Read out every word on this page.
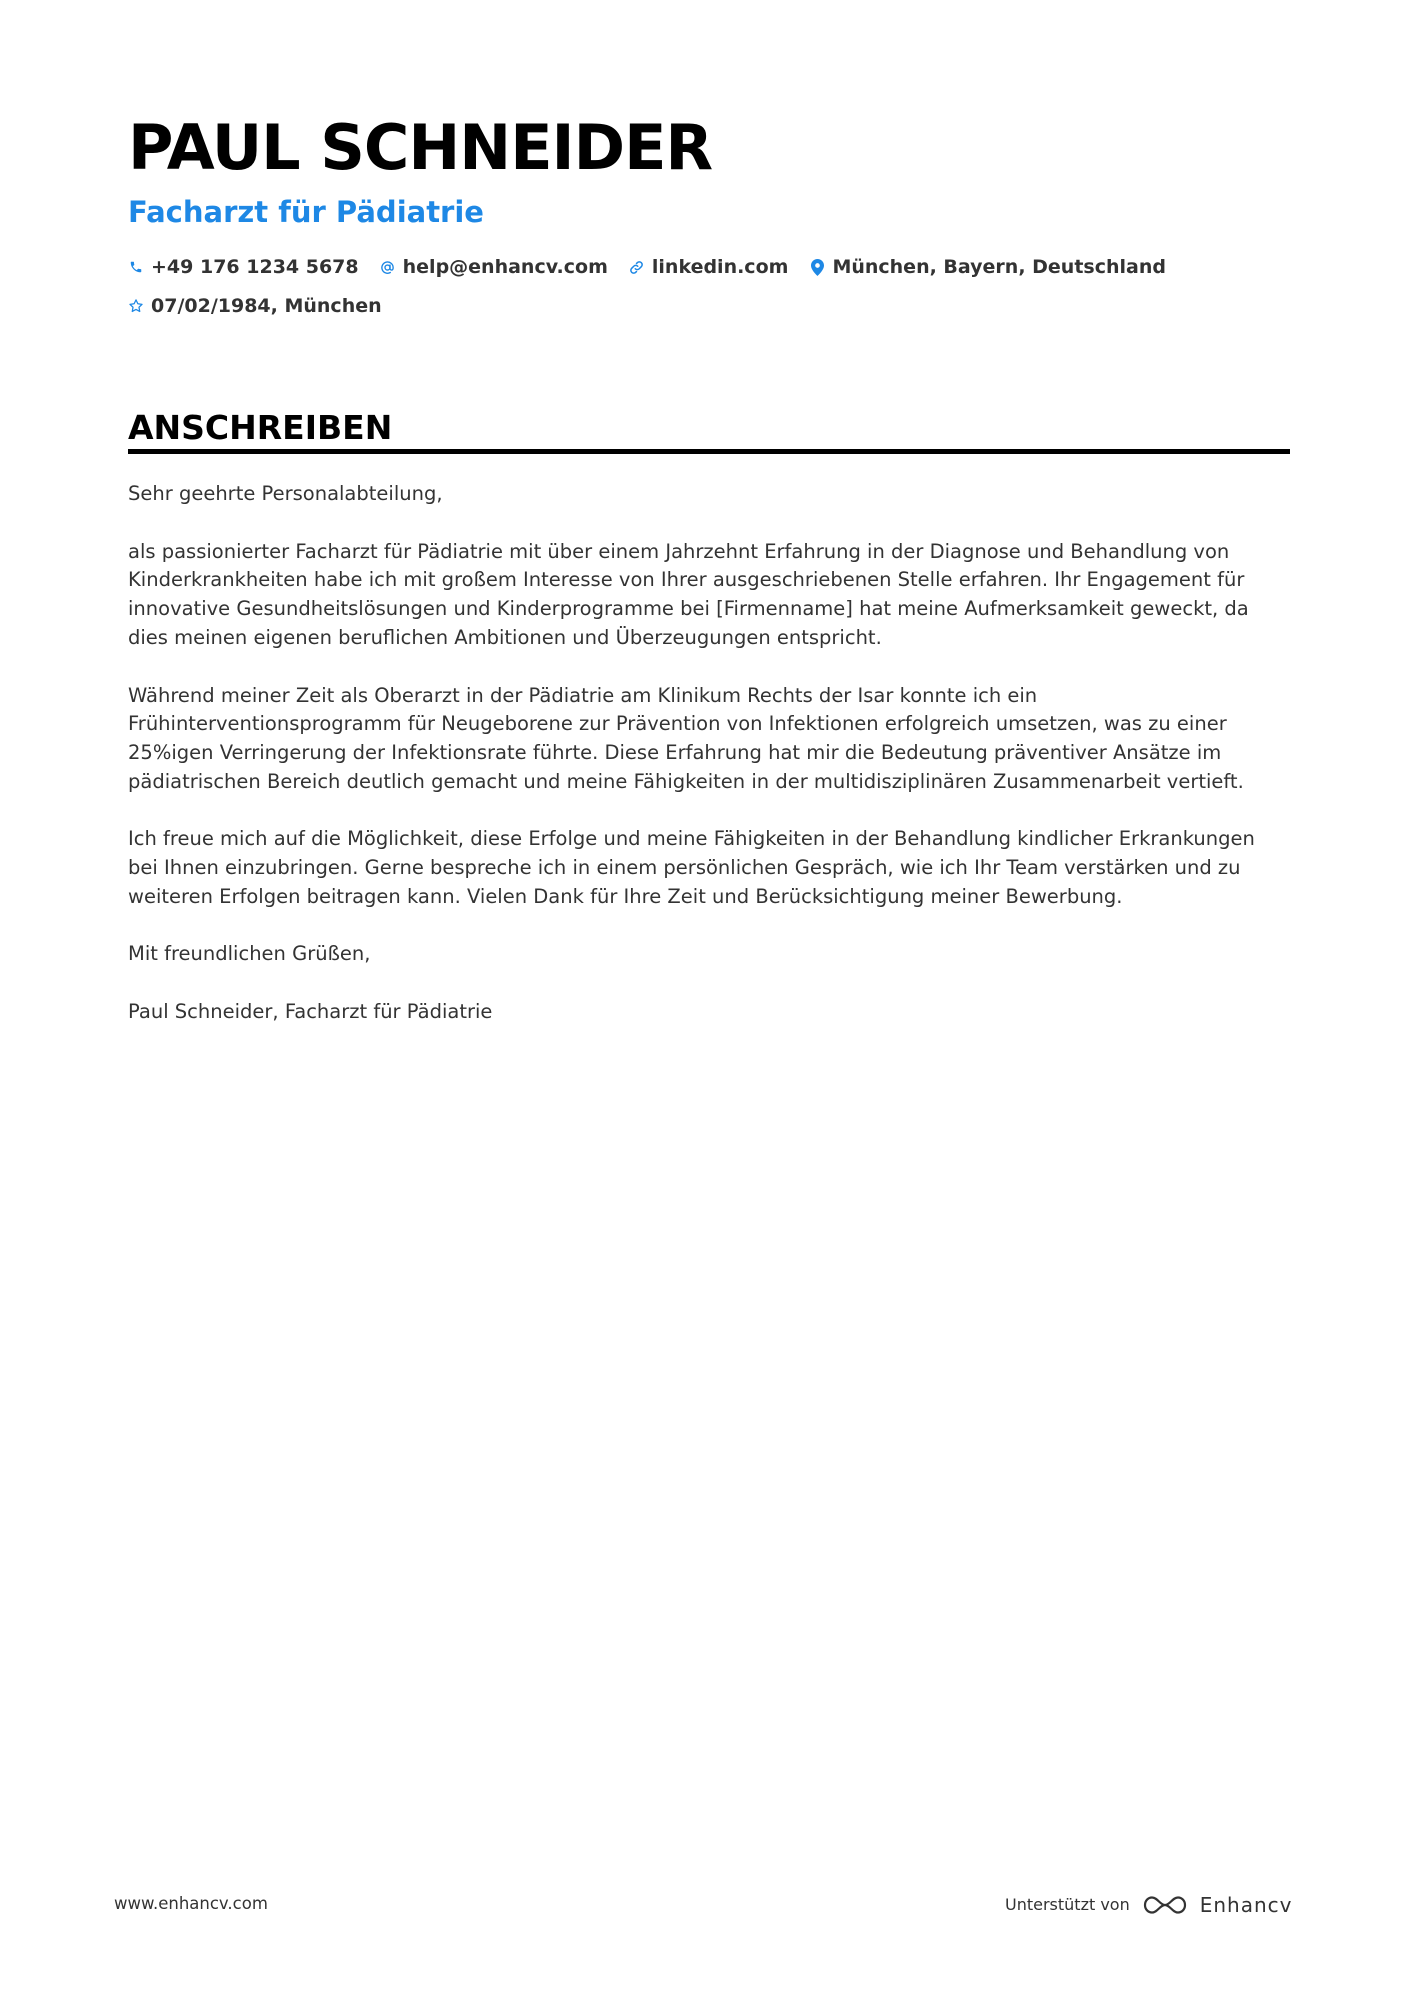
PAUL SCHNEIDER
Facharzt für Pädiatrie
+49 176 1234 5678 help@enhancv.com linkedin.com München, Bayern, Deutschland
07/02/1984, München
ANSCHREIBEN

Sehr geehrte Personalabteilung,

als passionierter Facharzt für Pädiatrie mit über einem Jahrzehnt Erfahrung in der Diagnose und Behandlung von Kinderkrankheiten habe ich mit großem Interesse von Ihrer ausgeschriebenen Stelle erfahren. Ihr Engagement für innovative Gesundheitslösungen und Kinderprogramme bei [Firmenname] hat meine Aufmerksamkeit geweckt, da dies meinen eigenen beruflichen Ambitionen und Überzeugungen entspricht.

Während meiner Zeit als Oberarzt in der Pädiatrie am Klinikum Rechts der Isar konnte ich ein Frühinterventionsprogramm für Neugeborene zur Prävention von Infektionen erfolgreich umsetzen, was zu einer 25%igen Verringerung der Infektionsrate führte. Diese Erfahrung hat mir die Bedeutung präventiver Ansätze im pädiatrischen Bereich deutlich gemacht und meine Fähigkeiten in der multidisziplinären Zusammenarbeit vertieft.

Ich freue mich auf die Möglichkeit, diese Erfolge und meine Fähigkeiten in der Behandlung kindlicher Erkrankungen bei Ihnen einzubringen. Gerne bespreche ich in einem persönlichen Gespräch, wie ich Ihr Team verstärken und zu weiteren Erfolgen beitragen kann. Vielen Dank für Ihre Zeit und Berücksichtigung meiner Bewerbung.

Mit freundlichen Grüßen,

Paul Schneider, Facharzt für Pädiatrie

www.enhancv.com	Unterstützt von	Enhancv
